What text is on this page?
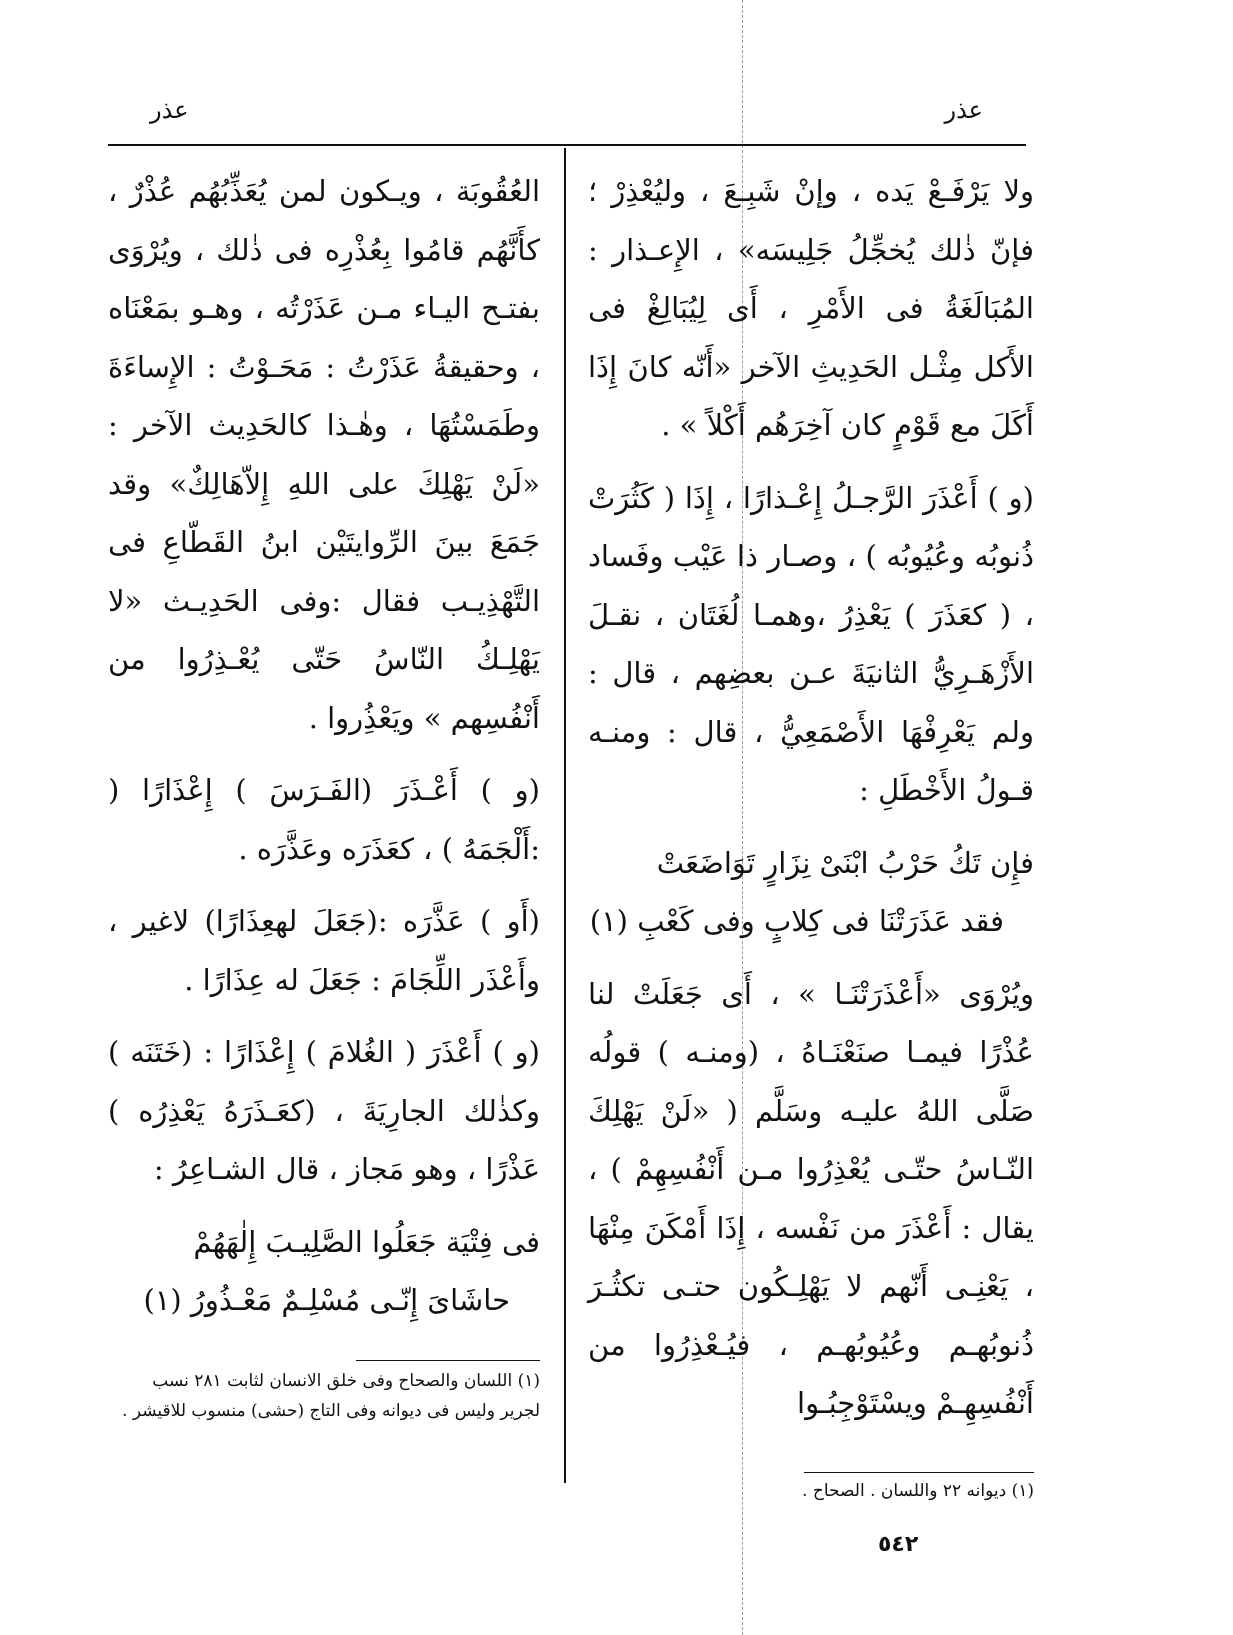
عذر
عذر

ولا يَرْفَـعْ يَده ، وإنْ شَبِـعَ ، وليُعْذِرْ ؛ فإنّ ذٰلك يُخجِّلُ جَلِيسَه» ، الإِعـذار : المُبَالَغَةُ فى الأَمْرِ ، أَى لِيُبَالِغْ فى الأَكل مِثْـل الحَدِيثِ الآخر «أَنّه كانَ إِذَا أَكَلَ مع قَوْمٍ كان آخِرَهُم أَكْلاً » .

(و ) أَعْذَرَ الرَّجـلُ إِعْـذارًا ، إِذَا ( كَثُرَتْ ذُنوبُه وعُيُوبُه ) ، وصـار ذا عَيْب وفَساد ، ( كعَذَرَ ) يَعْذِرُ ،وهمـا لُغَتَان ، نقـلَ الأَزْهَـرِيُّ الثانيَةَ عـن بعضِهم ، قال : ولم يَعْرِفْهَا الأَصْمَعِيُّ ، قال : ومنـه قـولُ الأَخْطَلِ :

فإِن تَكُ حَرْبُ ابْنَىْ نِزَارٍ تَوَاضَعَتْ
فقد عَذَرَتْنَا فى كِلابٍ وفى كَعْبِ (١)

ويُرْوَى «أَعْذَرَتْنَـا » ، أَى جَعَلَتْ لنا عُذْرًا فيمـا صنَعْنَـاهُ ، (ومنـه ) قولُه صَلَّى اللهُ عليـه وسَلَّم ( «لَنْ يَهْلِكَ النّـاسُ حتّـى يُعْذِرُوا مـن أَنْفُسِهِمْ ) ، يقال : أَعْذَرَ من نَفْسه ، إِذَا أَمْكَنَ مِنْهَا ، يَعْنِـى أَنّهم لا يَهْلِـكُون حتـى تكثُـرَ ذُنوبُهـم وعُيُوبُهـم ، فيُـعْذِرُوا من أَنْفُسِهِـمْ ويسْتَوْجِبُـوا

العُقُوبَة ، ويـكون لمن يُعَذِّبُهُم عُذْرٌ ، كأَنَّهُم قامُوا بِعُذْرِه فى ذٰلك ، ويُرْوَى بفتـح اليـاء مـن عَذَرْتُه ، وهـو بمَعْنَاه ، وحقيقةُ عَذَرْتُ : مَحَـوْتُ : الإِساءَةَ وطَمَسْتُهَا ، وهٰـذا كالحَدِيث الآخر : «لَنْ يَهْلِكَ على اللهِ إِلاّهَالِكٌ» وقد جَمَعَ بينَ الرِّوايتَيْن ابنُ القَطّاعِ فى التَّهْذِيـب فقال :وفى الحَدِيـث «لا يَهْلِـكُ النّاسُ حَتّى يُعْـذِرُوا من أَنْفُسِهم » ويَعْذُِروا .

(و ) أَعْـذَرَ (الفَـرَسَ ) إِعْذَارًا ( :أَلْجَمَهُ ) ، كعَذَرَه وعَذَّرَه .

(أَو ) عَذَّرَه :(جَعَلَ لهعِذَارًا) لاغير ، وأَعْذَر اللِّجَامَ : جَعَلَ له عِذَارًا .

(و ) أَعْذَرَ ( الغُلامَ ) إِعْذَارًا : (خَتَنَه ) وكذٰلك الجارِيَةَ ، (كعَـذَرَهُ يَعْذِرُه ) عَذْرًا ، وهو مَجاز ، قال الشـاعِرُ :

فى فِتْيَة جَعَلُوا الصَّلِيـبَ إِلٰهَهُمْ
حاشَاىَ إِنّـى مُسْلِـمٌ مَعْـذُورُ (١)
(١) اللسان والصحاح وفى خلق الانسان لثابت ٢٨١ نسب لجرير وليس فى ديوانه وفى التاج (حشى) منسوب للاقيشر .
(١) ديوانه ٢٢ واللسان . الصحاح .
٥٤٢
